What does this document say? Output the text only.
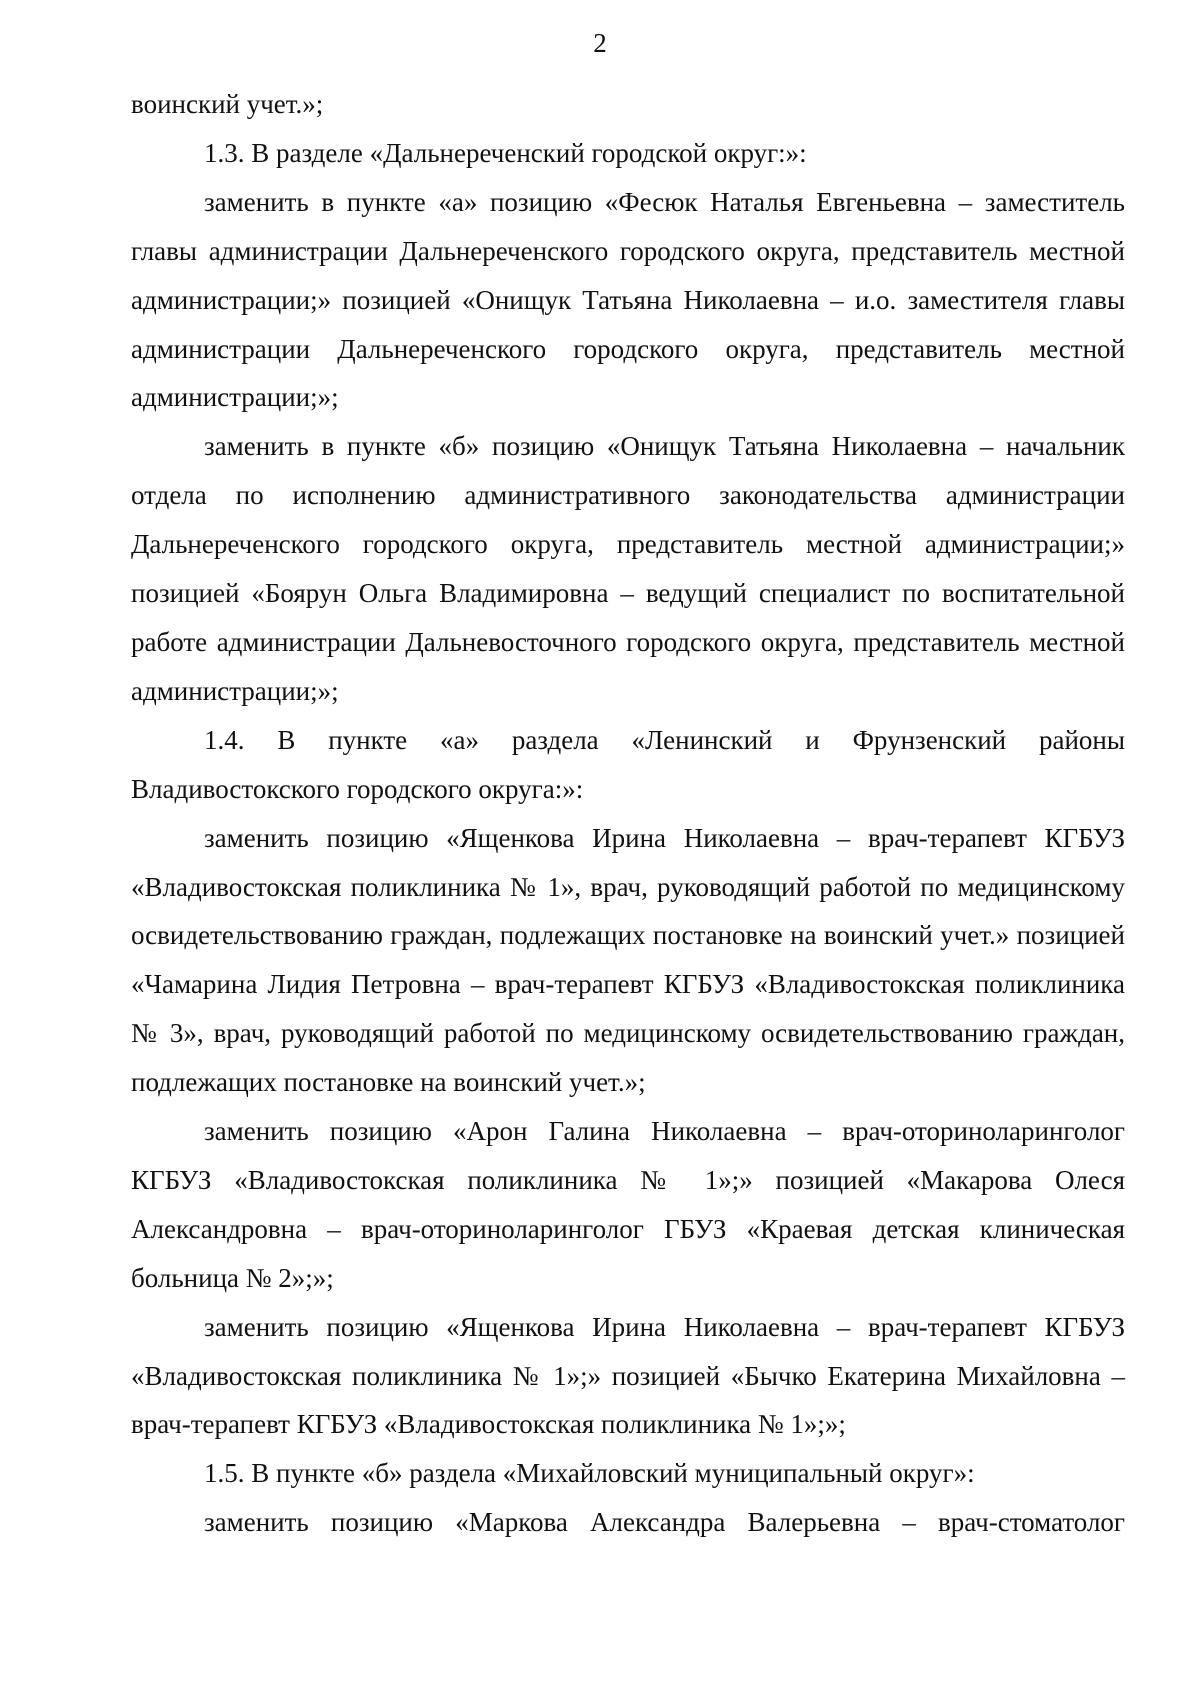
2

воинский учет.»;

1.3. В разделе «Дальнереченский городской округ:»:

заменить в пункте «а» позицию «Фесюк Наталья Евгеньевна – заместитель главы администрации Дальнереченского городского округа, представитель местной администрации;» позицией «Онищук Татьяна Николаевна – и.о. заместителя главы администрации Дальнереченского городского округа, представитель местной администрации;»;

заменить в пункте «б» позицию «Онищук Татьяна Николаевна – начальник отдела по исполнению административного законодательства администрации Дальнереченского городского округа, представитель местной администрации;» позицией «Боярун Ольга Владимировна – ведущий специалист по воспитательной работе администрации Дальневосточного городского округа, представитель местной администрации;»;

1.4. В пункте «а» раздела «Ленинский и Фрунзенский районы Владивостокского городского округа:»:

заменить позицию «Ященкова Ирина Николаевна – врач-терапевт КГБУЗ «Владивостокская поликлиника № 1», врач, руководящий работой по медицинскому освидетельствованию граждан, подлежащих постановке на воинский учет.» позицией «Чамарина Лидия Петровна – врач-терапевт КГБУЗ «Владивостокская поликлиника № 3», врач, руководящий работой по медицинскому освидетельствованию граждан, подлежащих постановке на воинский учет.»;

заменить позицию «Арон Галина Николаевна – врач-оториноларинголог КГБУЗ «Владивостокская поликлиника № 1»;» позицией «Макарова Олеся Александровна – врач-оториноларинголог ГБУЗ «Краевая детская клиническая больница № 2»;»;

заменить позицию «Ященкова Ирина Николаевна – врач-терапевт КГБУЗ «Владивостокская поликлиника № 1»;» позицией «Бычко Екатерина Михайловна – врач-терапевт КГБУЗ «Владивостокская поликлиника № 1»;»;

1.5. В пункте «б» раздела «Михайловский муниципальный округ»:

заменить позицию «Маркова Александра Валерьевна – врач-стоматолог
